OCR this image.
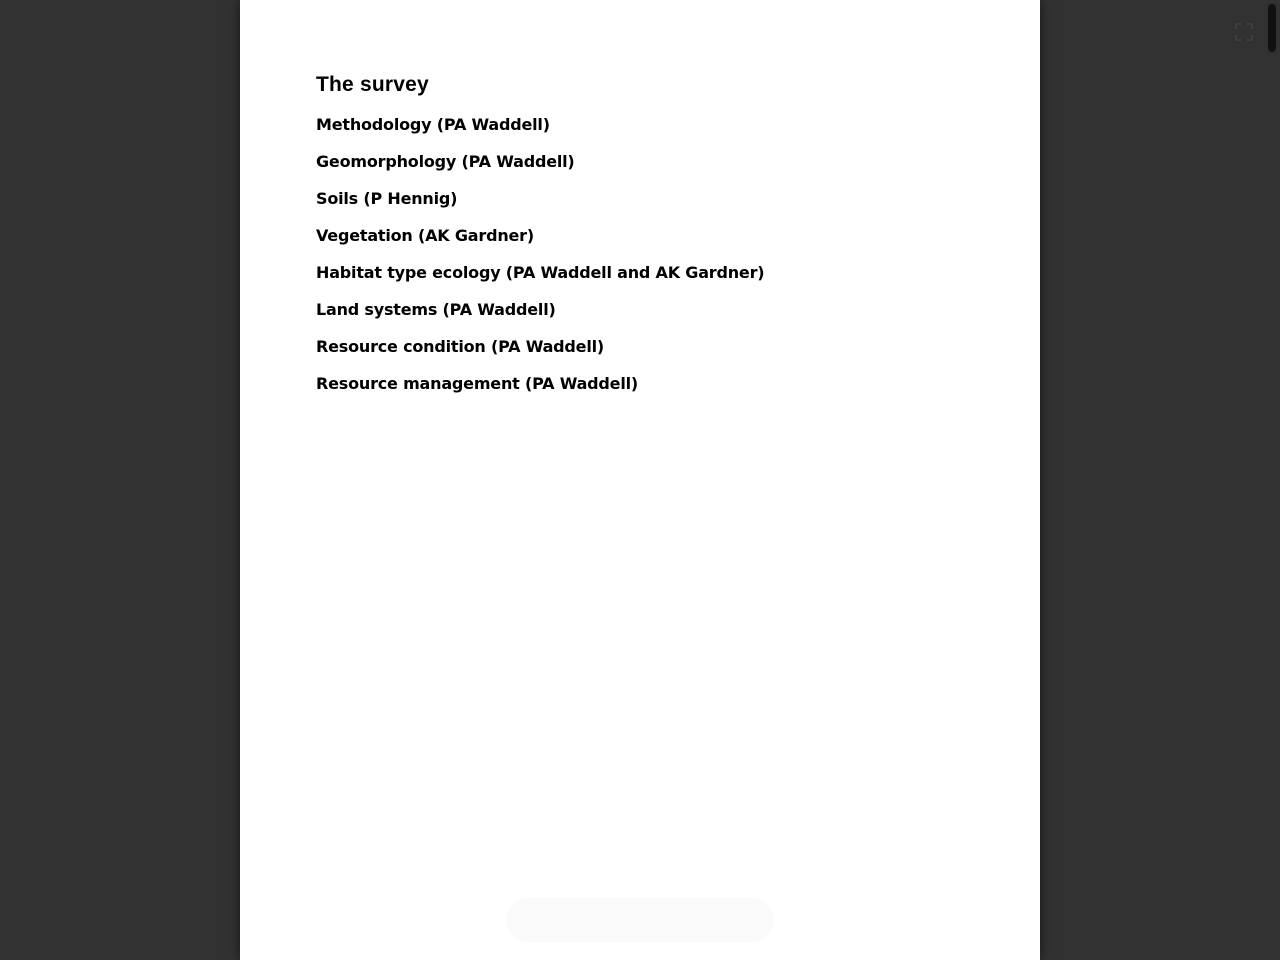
The survey
Methodology (PA Waddell)
Geomorphology (PA Waddell)
Soils (P Hennig)
Vegetation (AK Gardner)
Habitat type ecology (PA Waddell and AK Gardner)
Land systems (PA Waddell)
Resource condition (PA Waddell)
Resource management (PA Waddell)
